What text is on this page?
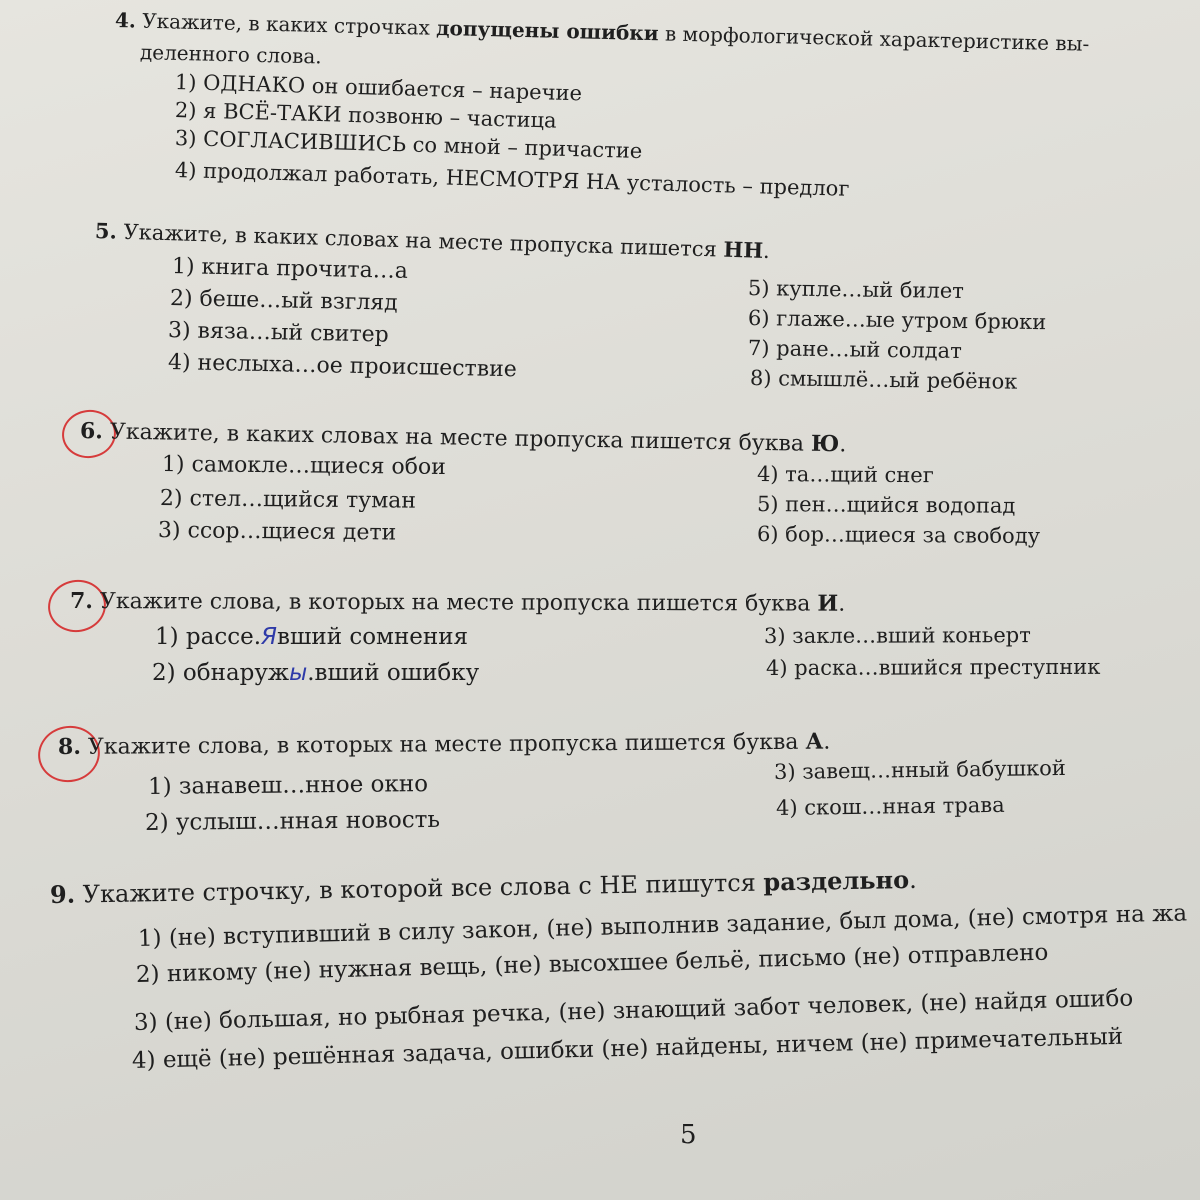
4. Укажите, в каких строчках допущены ошибки в морфологической характеристике вы-
деленного слова.
1) ОДНАКО он ошибается – наречие
2) я ВСЁ-ТАКИ позвоню – частица
3) СОГЛАСИВШИСЬ со мной – причастие
4) продолжал работать, НЕСМОТРЯ НА усталость – предлог
5. Укажите, в каких словах на месте пропуска пишется НН.
1) книга прочита…а
2) беше…ый взгляд
3) вяза…ый свитер
4) неслыха…ое происшествие
5) купле…ый билет
6) глаже…ые утром брюки
7) ране…ый солдат
8) смышлё…ый ребёнок
6. Укажите, в каких словах на месте пропуска пишется буква Ю.
1) самокле…щиеся обои
2) стел…щийся туман
3) ссор…щиеся дети
4) та…щий снег
5) пен…щийся водопад
6) бор…щиеся за свободу
7. Укажите слова, в которых на месте пропуска пишется буква И.
1) рассе.Явший сомнения
2) обнаружы.вший ошибку
3) закле…вший коньерт
4) раска…вшийся преступник
8. Укажите слова, в которых на месте пропуска пишется буква А.
1) занавеш…нное окно
2) услыш…нная новость
3) завещ…нный бабушкой
4) скош…нная трава
9. Укажите строчку, в которой все слова с НЕ пишутся раздельно.
1) (не) вступивший в силу закон, (не) выполнив задание, был дома, (не) смотря на жа
2) никому (не) нужная вещь, (не) высохшее бельё, письмо (не) отправлено
3) (не) большая, но рыбная речка, (не) знающий забот человек, (не) найдя ошибо
4) ещё (не) решённая задача, ошибки (не) найдены, ничем (не) примечательный
5
